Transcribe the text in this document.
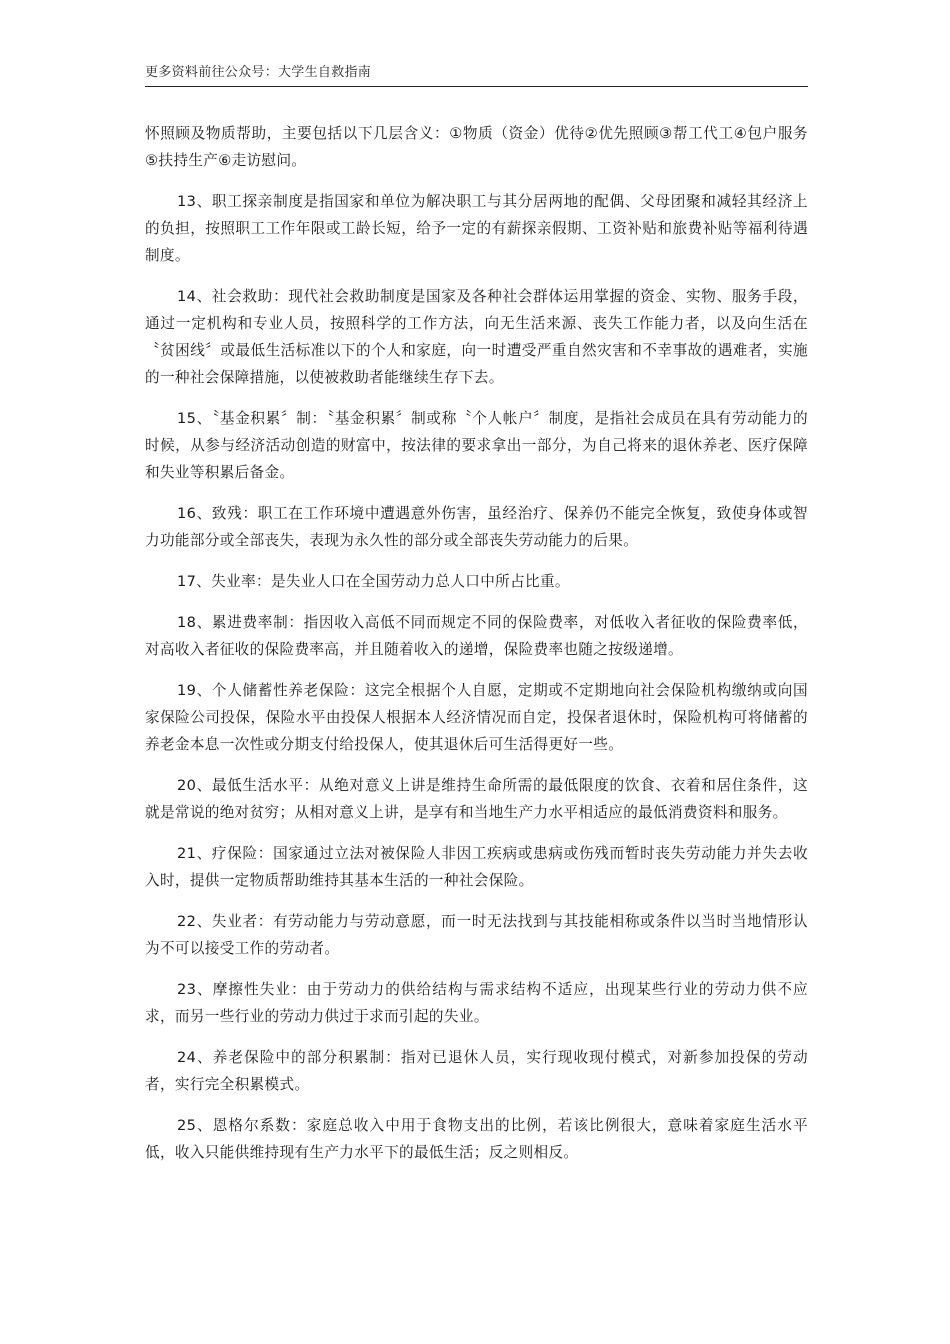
更多资料前往公众号：大学生自救指南

怀照顾及物质帮助，主要包括以下几层含义：①物质（资金）优待②优先照顾③帮工代工④包户服务⑤扶持生产⑥走访慰问。

13、职工探亲制度是指国家和单位为解决职工与其分居两地的配偶、父母团聚和减轻其经济上的负担，按照职工工作年限或工龄长短，给予一定的有薪探亲假期、工资补贴和旅费补贴等福利待遇制度。

14、社会救助：现代社会救助制度是国家及各种社会群体运用掌握的资金、实物、服务手段，通过一定机构和专业人员，按照科学的工作方法，向无生活来源、丧失工作能力者，以及向生活在〝贫困线〞或最低生活标准以下的个人和家庭，向一时遭受严重自然灾害和不幸事故的遇难者，实施的一种社会保障措施，以使被救助者能继续生存下去。

15、〝基金积累〞制：〝基金积累〞制或称〝个人帐户〞制度，是指社会成员在具有劳动能力的时候，从参与经济活动创造的财富中，按法律的要求拿出一部分，为自己将来的退休养老、医疗保障和失业等积累后备金。

16、致残：职工在工作环境中遭遇意外伤害，虽经治疗、保养仍不能完全恢复，致使身体或智力功能部分或全部丧失，表现为永久性的部分或全部丧失劳动能力的后果。

17、失业率：是失业人口在全国劳动力总人口中所占比重。

18、累进费率制：指因收入高低不同而规定不同的保险费率，对低收入者征收的保险费率低，对高收入者征收的保险费率高，并且随着收入的递增，保险费率也随之按级递增。

19、个人储蓄性养老保险：这完全根据个人自愿，定期或不定期地向社会保险机构缴纳或向国家保险公司投保，保险水平由投保人根据本人经济情况而自定，投保者退休时，保险机构可将储蓄的养老金本息一次性或分期支付给投保人，使其退休后可生活得更好一些。

20、最低生活水平：从绝对意义上讲是维持生命所需的最低限度的饮食、衣着和居住条件，这就是常说的绝对贫穷；从相对意义上讲，是享有和当地生产力水平相适应的最低消费资料和服务。

21、疗保险：国家通过立法对被保险人非因工疾病或患病或伤残而暂时丧失劳动能力并失去收入时，提供一定物质帮助维持其基本生活的一种社会保险。

22、失业者：有劳动能力与劳动意愿，而一时无法找到与其技能相称或条件以当时当地情形认为不可以接受工作的劳动者。

23、摩擦性失业：由于劳动力的供给结构与需求结构不适应，出现某些行业的劳动力供不应求，而另一些行业的劳动力供过于求而引起的失业。

24、养老保险中的部分积累制：指对已退休人员，实行现收现付模式，对新参加投保的劳动者，实行完全积累模式。

25、恩格尔系数：家庭总收入中用于食物支出的比例，若该比例很大，意味着家庭生活水平低，收入只能供维持现有生产力水平下的最低生活；反之则相反。
